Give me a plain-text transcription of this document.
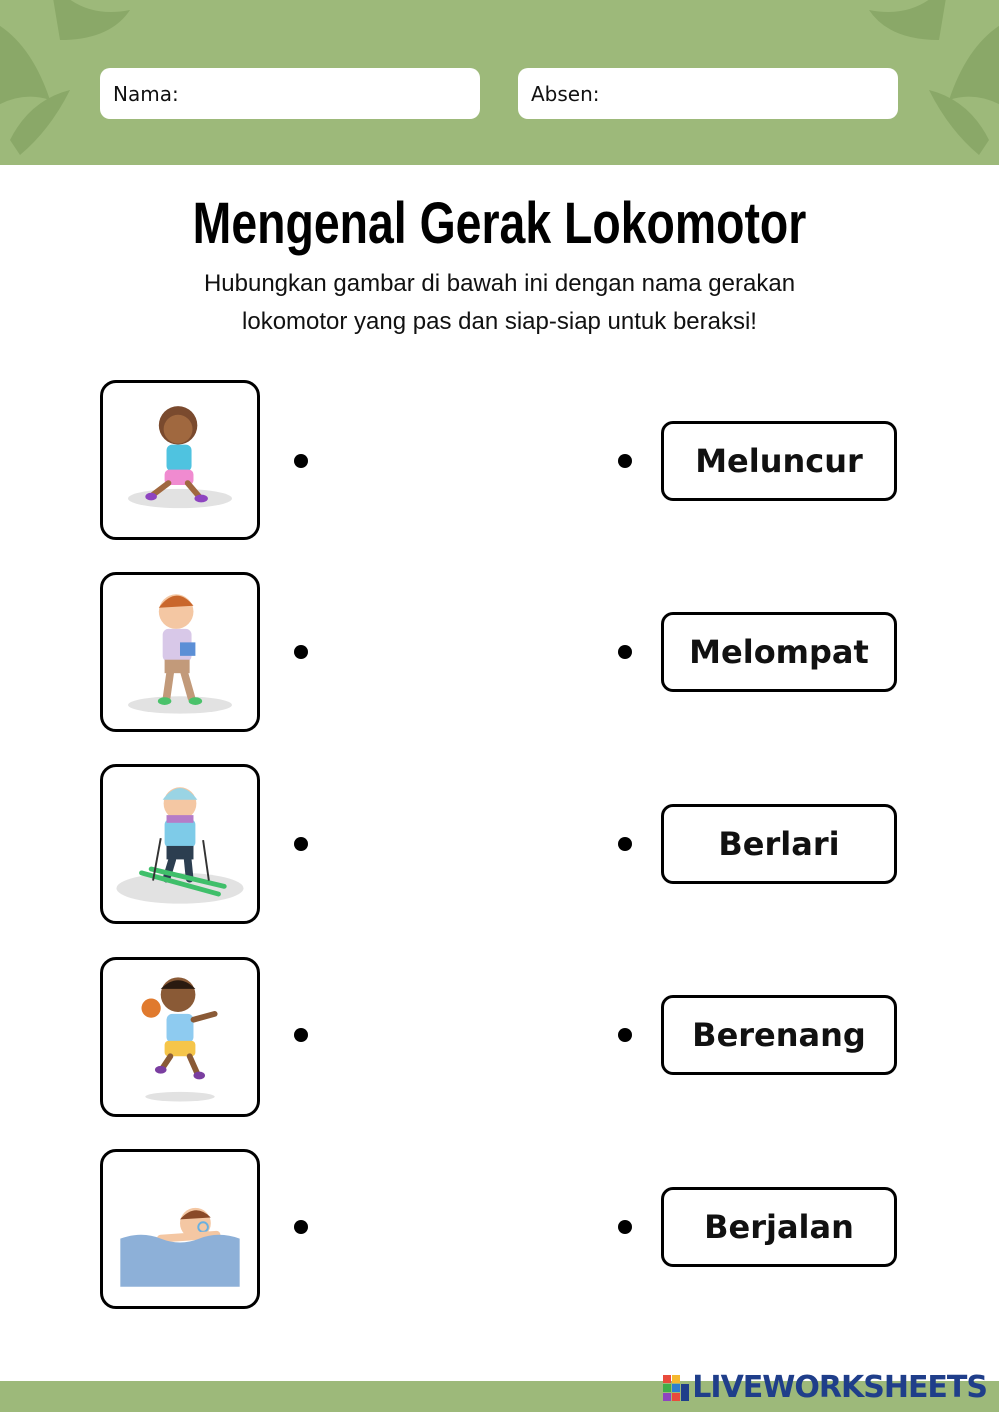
Nama:	Absen:
Mengenal Gerak Lokomotor
Hubungkan gambar di bawah ini dengan nama gerakan lokomotor yang pas dan siap-siap untuk beraksi!
Meluncur
Melompat
Berlari
Berenang
Berjalan
LIVEWORKSHEETS
